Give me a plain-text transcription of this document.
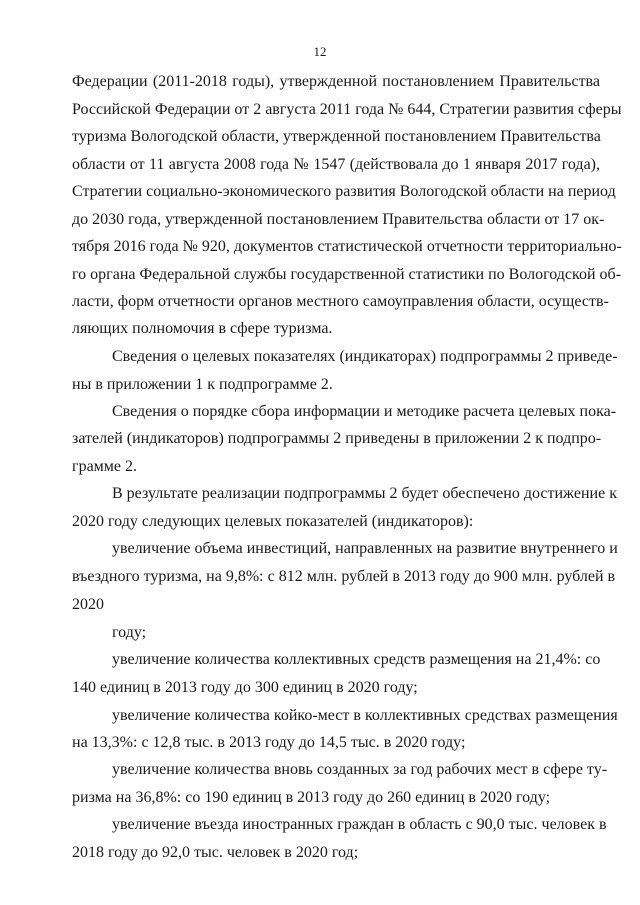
12
Федерации (2011-2018 годы), утвержденной постановлением Правительства
Российской Федерации от 2 августа 2011 года № 644, Стратегии развития сферы
туризма Вологодской области, утвержденной постановлением Правительства
области от 11 августа 2008 года № 1547 (действовала до 1 января 2017 года),
Стратегии социально-экономического развития Вологодской области на период
до 2030 года, утвержденной постановлением Правительства области от 17 ок-
тября 2016 года № 920, документов статистической отчетности территориально-
го органа Федеральной службы государственной статистики по Вологодской об-
ласти, форм отчетности органов местного самоуправления области, осуществ-
ляющих полномочия в сфере туризма.
Сведения о целевых показателях (индикаторах) подпрограммы 2 приведе-
ны в приложении 1 к подпрограмме 2.
Сведения о порядке сбора информации и методике расчета целевых пока-
зателей (индикаторов) подпрограммы 2 приведены в приложении 2 к подпро-
грамме 2.
В результате реализации подпрограммы 2 будет обеспечено достижение к
2020 году следующих целевых показателей (индикаторов):
увеличение объема инвестиций, направленных на развитие внутреннего и
въездного туризма, на 9,8%: с 812 млн. рублей в 2013 году до 900 млн. рублей в
2020
году;
увеличение количества коллективных средств размещения на 21,4%: со
140 единиц в 2013 году до 300 единиц в 2020 году;
увеличение количества койко-мест в коллективных средствах размещения
на 13,3%: с 12,8 тыс. в 2013 году до 14,5 тыс. в 2020 году;
увеличение количества вновь созданных за год рабочих мест в сфере ту-
ризма на 36,8%: со 190 единиц в 2013 году до 260 единиц в 2020 году;
увеличение въезда иностранных граждан в область с 90,0 тыс. человек в
2018 году до 92,0 тыс. человек в 2020 год;
